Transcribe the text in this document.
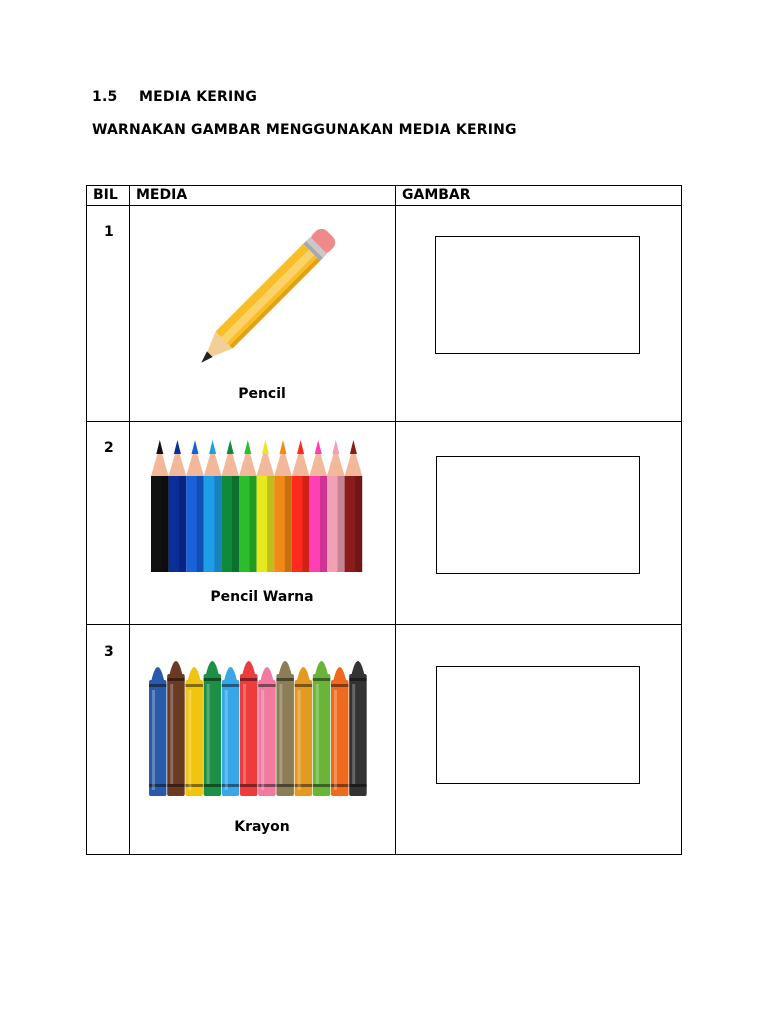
1.5 MEDIA KERING
WARNAKAN GAMBAR MENGGUNAKAN MEDIA KERING
BIL MEDIA	GAMBAR
1
Pencil
2
Pencil Warna
3
Krayon
